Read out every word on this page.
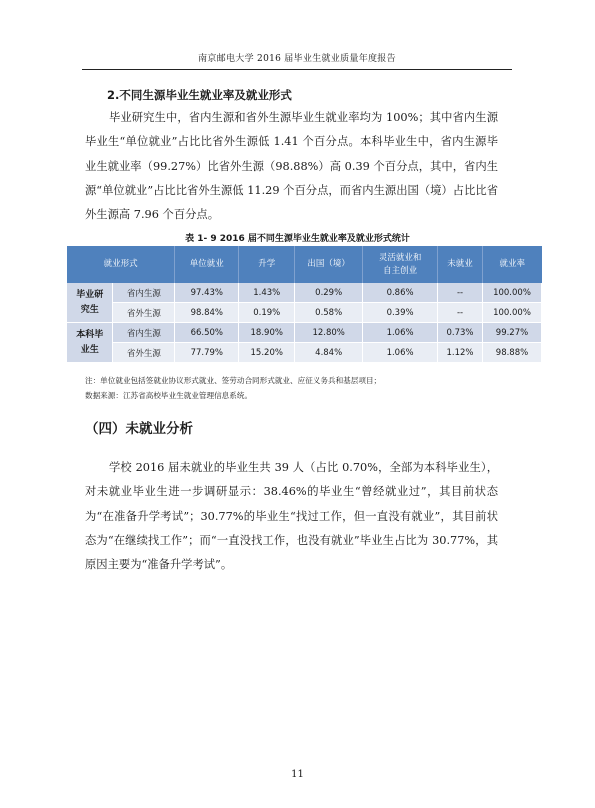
南京邮电大学 2016 届毕业生就业质量年度报告
2.不同生源毕业生就业率及就业形式

毕业研究生中，省内生源和省外生源毕业生就业率均为 100%；其中省内生源毕业生“单位就业”占比比省外生源低 1.41 个百分点。本科毕业生中，省内生源毕业生就业率（99.27%）比省外生源（98.88%）高 0.39 个百分点，其中，省内生源“单位就业”占比比省外生源低 11.29 个百分点，而省内生源出国（境）占比比省外生源高 7.96 个百分点。

表 1- 9 2016 届不同生源毕业生就业率及就业形式统计
就业形式		单位就业	升学	出国（境）	灵活就业和自主创业	未就业	就业率
毕业研究生	省内生源	97.43%	1.43%	0.29%	0.86%	--	100.00%
	省外生源	98.84%	0.19%	0.58%	0.39%	--	100.00%
本科毕业生	省内生源	66.50%	18.90%	12.80%	1.06%	0.73%	99.27%
	省外生源	77.79%	15.20%	4.84%	1.06%	1.12%	98.88%
注：单位就业包括签就业协议形式就业、签劳动合同形式就业、应征义务兵和基层项目；
数据来源：江苏省高校毕业生就业管理信息系统。
（四）未就业分析

学校 2016 届未就业的毕业生共 39 人（占比 0.70%，全部为本科毕业生），对未就业毕业生进一步调研显示：38.46%的毕业生“曾经就业过”，其目前状态为“在准备升学考试”；30.77%的毕业生“找过工作，但一直没有就业”，其目前状态为“在继续找工作”；而“一直没找工作，也没有就业”毕业生占比为 30.77%，其原因主要为“准备升学考试”。

11
